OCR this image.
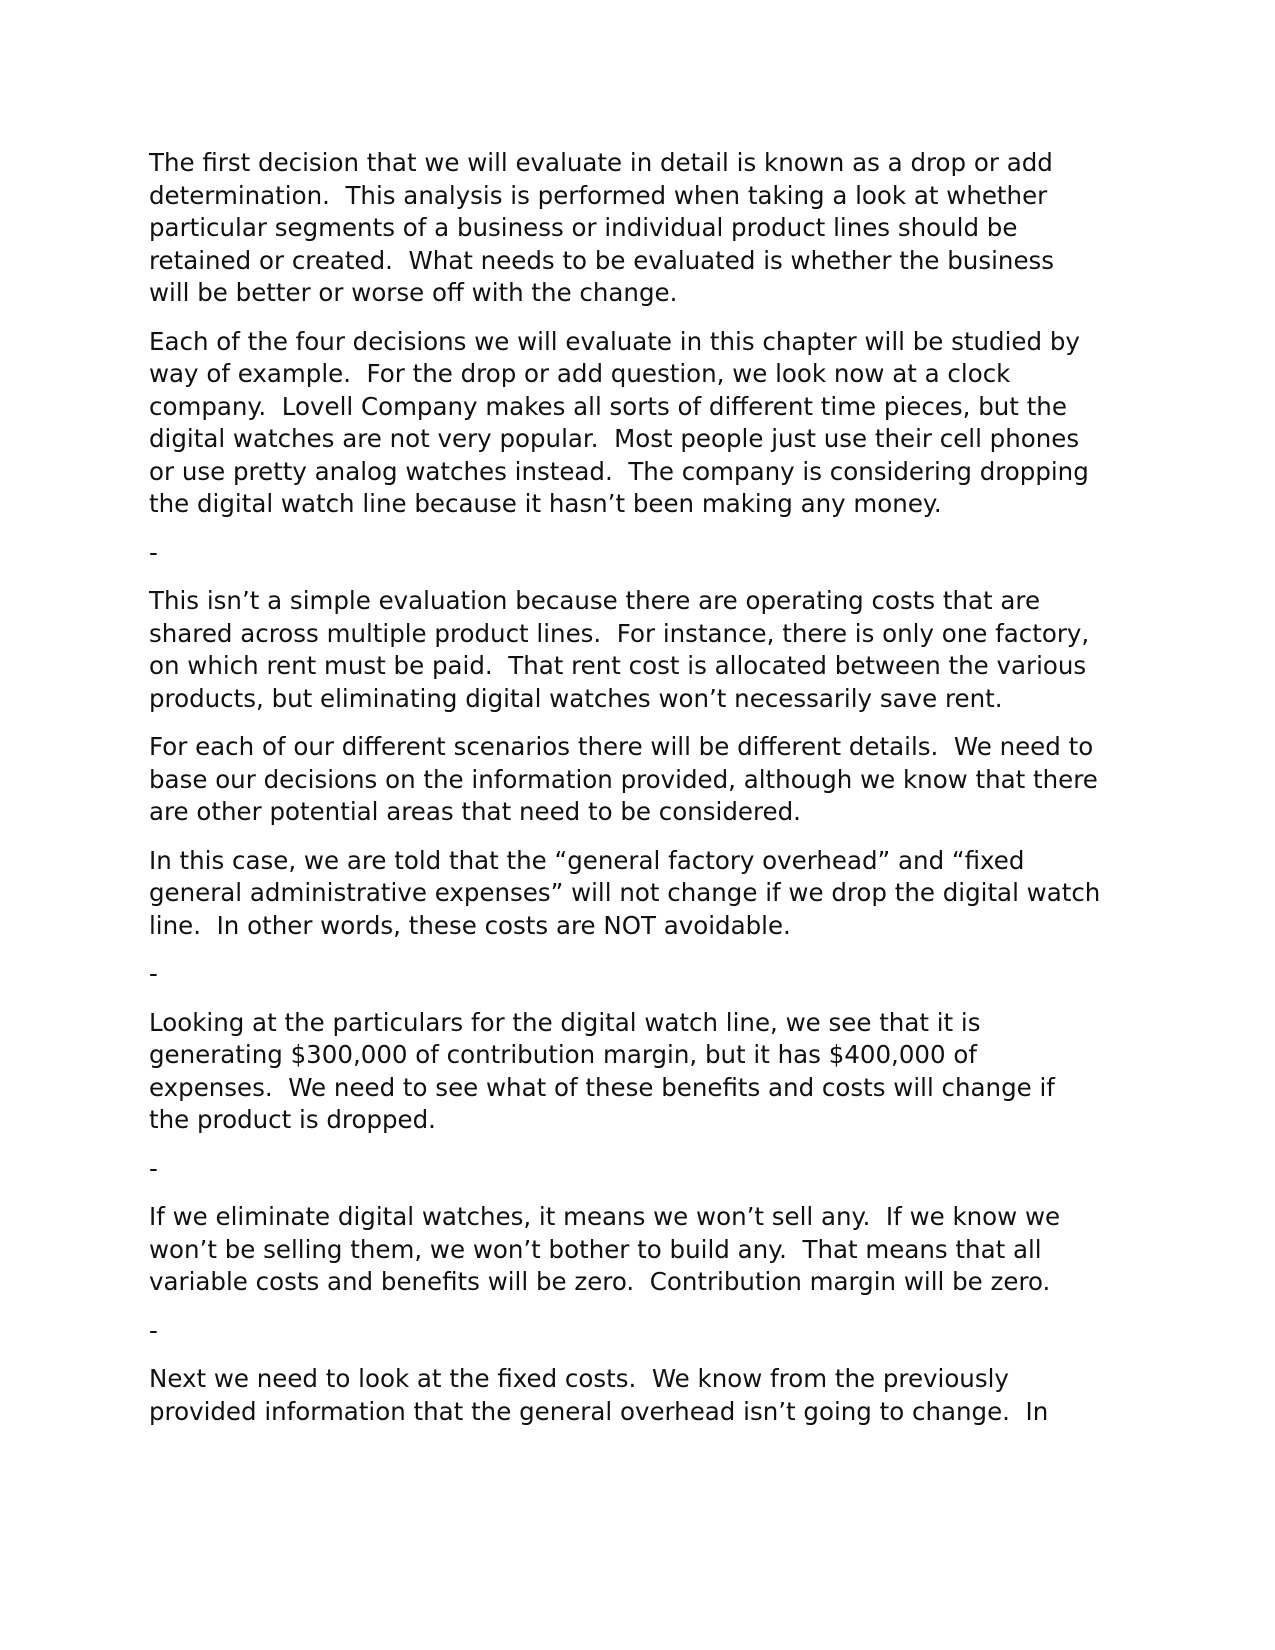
The first decision that we will evaluate in detail is known as a drop or add
determination.  This analysis is performed when taking a look at whether
particular segments of a business or individual product lines should be
retained or created.  What needs to be evaluated is whether the business
will be better or worse off with the change.

Each of the four decisions we will evaluate in this chapter will be studied by
way of example.  For the drop or add question, we look now at a clock
company.  Lovell Company makes all sorts of different time pieces, but the
digital watches are not very popular.  Most people just use their cell phones
or use pretty analog watches instead.  The company is considering dropping
the digital watch line because it hasn’t been making any money.

-

This isn’t a simple evaluation because there are operating costs that are
shared across multiple product lines.  For instance, there is only one factory,
on which rent must be paid.  That rent cost is allocated between the various
products, but eliminating digital watches won’t necessarily save rent.

For each of our different scenarios there will be different details.  We need to
base our decisions on the information provided, although we know that there
are other potential areas that need to be considered.

In this case, we are told that the “general factory overhead” and “fixed
general administrative expenses” will not change if we drop the digital watch
line.  In other words, these costs are NOT avoidable.

-

Looking at the particulars for the digital watch line, we see that it is
generating $300,000 of contribution margin, but it has $400,000 of
expenses.  We need to see what of these benefits and costs will change if
the product is dropped.

-

If we eliminate digital watches, it means we won’t sell any.  If we know we
won’t be selling them, we won’t bother to build any.  That means that all
variable costs and benefits will be zero.  Contribution margin will be zero.

-

Next we need to look at the fixed costs.  We know from the previously
provided information that the general overhead isn’t going to change.  In
